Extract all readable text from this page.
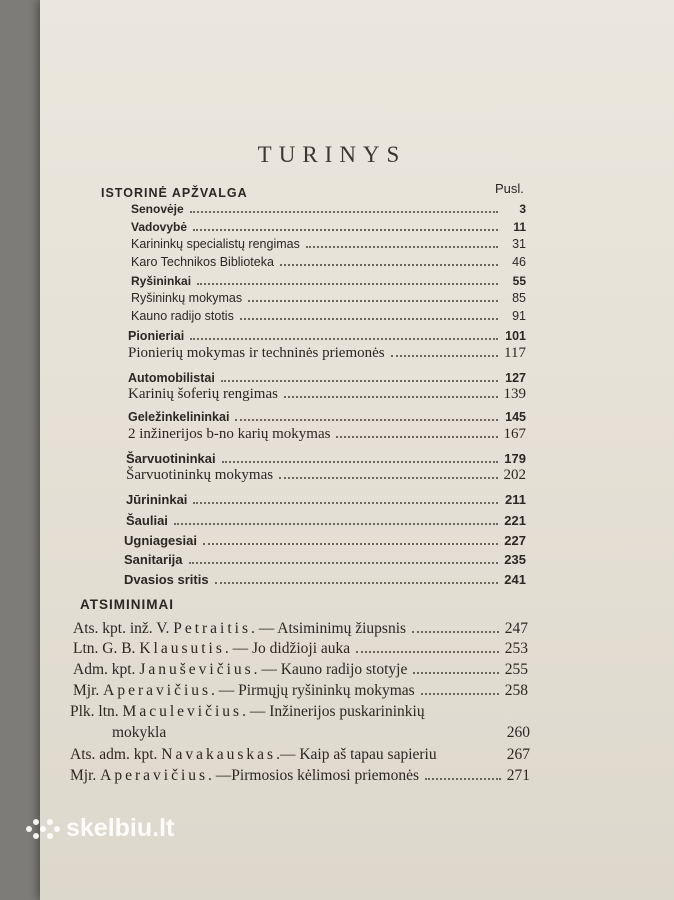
TURINYS
ISTORINĖ APŽVALGA	Pusl.
Senovėje	3
Vadovybė	11
Karininkų specialistų rengimas	31
Karo Technikos Biblioteka	46
Ryšininkai	55
Ryšininkų mokymas	85
Kauno radijo stotis	91
Pionieriai	101
Pionierių mokymas ir techninės priemonės	117
Automobilistai	127
Karinių šoferių rengimas	139
Geležinkelininkai	145
2 inžinerijos b-no karių mokymas	167
Šarvuotininkai	179
Šarvuotininkų mokymas	202
Jūrininkai	211
Šauliai	221
Ugniagesiai	227
Sanitarija	235
Dvasios sritis	241
ATSIMINIMAI
Ats. kpt. inž. V. Petraitis. — Atsiminimų žiupsnis	247
Ltn. G. B. Klausutis. — Jo didžioji auka	253
Adm. kpt. Januševičius. — Kauno radijo stotyje	255
Mjr. Aperavičius. — Pirmųjų ryšininkų mokymas	258
Plk. ltn. Maculevičius. — Inžinerijos puskarininkių
mokykla	260
Ats. adm. kpt. Navakauskas.— Kaip aš tapau sapieriu	267
Mjr. Aperavičius. —Pirmosios kėlimosi priemonės	271
skelbiu.lt
